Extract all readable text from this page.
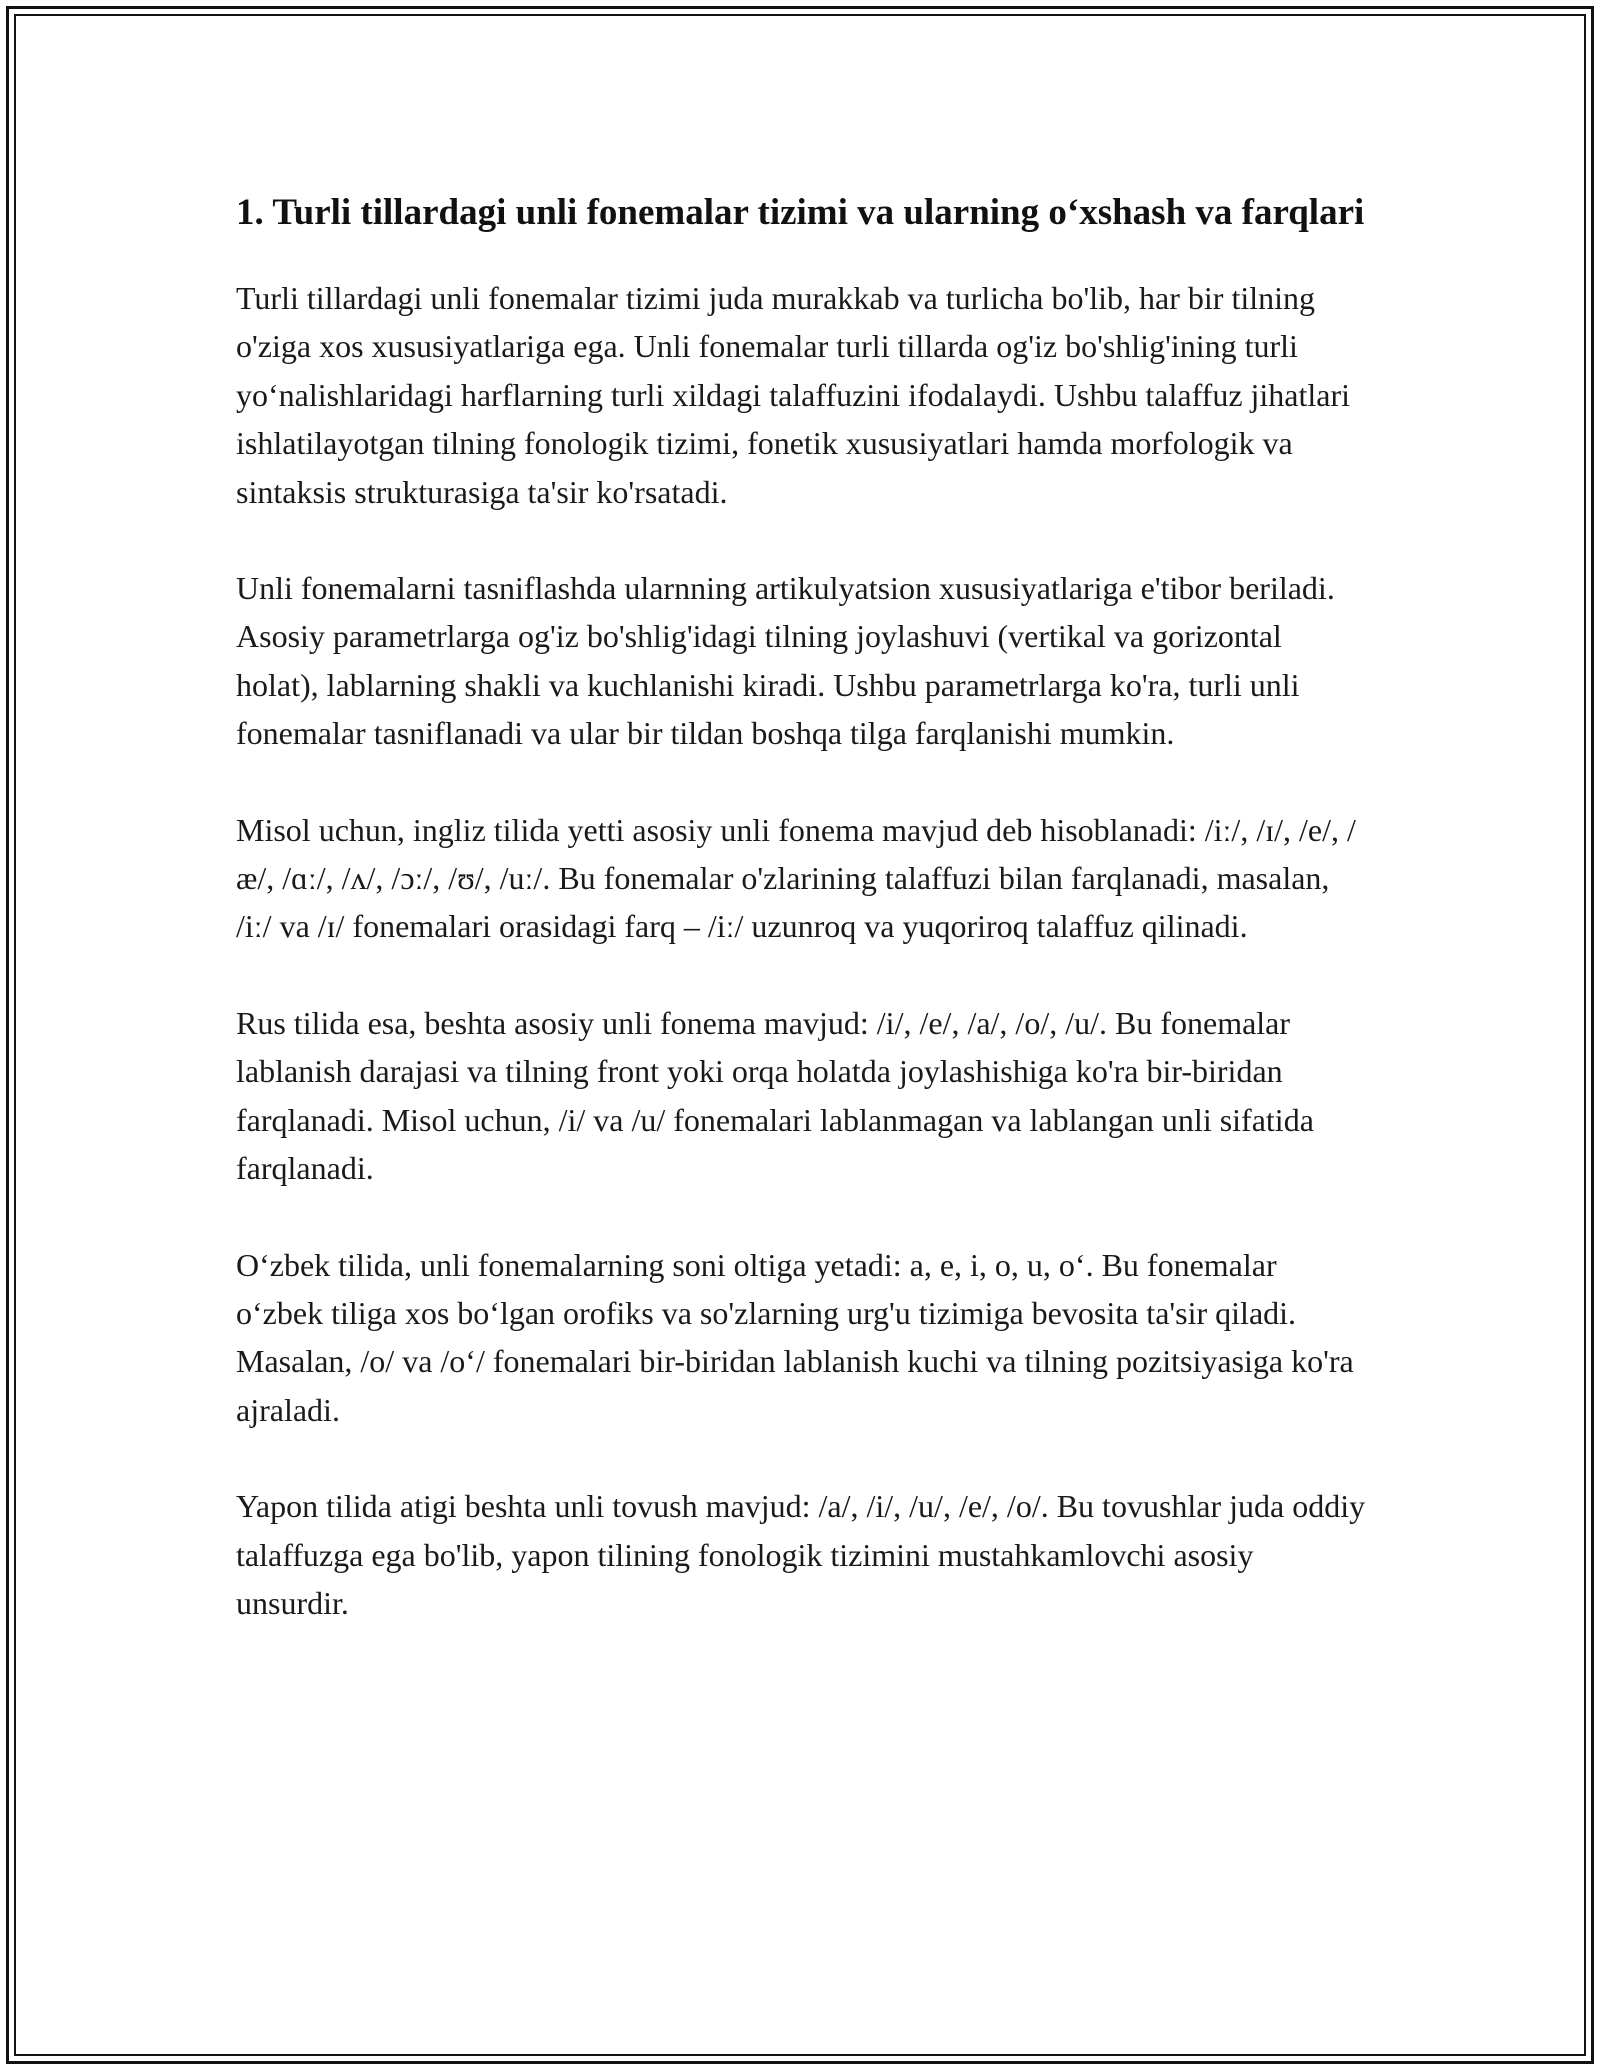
1. Turli tillardagi unli fonemalar tizimi va ularning o‘xshash va farqlari

Turli tillardagi unli fonemalar tizimi juda murakkab va turlicha bo'lib, har bir tilning o'ziga xos xususiyatlariga ega. Unli fonemalar turli tillarda og'iz bo'shlig'ining turli yo‘nalishlaridagi harflarning turli xildagi talaffuzini ifodalaydi. Ushbu talaffuz jihatlari ishlatilayotgan tilning fonologik tizimi, fonetik xususiyatlari hamda morfologik va sintaksis strukturasiga ta'sir ko'rsatadi.

Unli fonemalarni tasniflashda ularnning artikulyatsion xususiyatlariga e'tibor beriladi. Asosiy parametrlarga og'iz bo'shlig'idagi tilning joylashuvi (vertikal va gorizontal holat), lablarning shakli va kuchlanishi kiradi. Ushbu parametrlarga ko'ra, turli unli fonemalar tasniflanadi va ular bir tildan boshqa tilga farqlanishi mumkin.

Misol uchun, ingliz tilida yetti asosiy unli fonema mavjud deb hisoblanadi: /iː/, /ɪ/, /e/, /æ/, /ɑː/, /ʌ/, /ɔː/, /ʊ/, /uː/. Bu fonemalar o'zlarining talaffuzi bilan farqlanadi, masalan, /iː/ va /ɪ/ fonemalari orasidagi farq – /iː/ uzunroq va yuqoriroq talaffuz qilinadi.

Rus tilida esa, beshta asosiy unli fonema mavjud: /i/, /e/, /a/, /o/, /u/. Bu fonemalar lablanish darajasi va tilning front yoki orqa holatda joylashishiga ko'ra bir-biridan farqlanadi. Misol uchun, /i/ va /u/ fonemalari lablanmagan va lablangan unli sifatida farqlanadi.

O‘zbek tilida, unli fonemalarning soni oltiga yetadi: a, e, i, o, u, o‘. Bu fonemalar o‘zbek tiliga xos bo‘lgan orofiks va so'zlarning urg'u tizimiga bevosita ta'sir qiladi. Masalan, /o/ va /o‘/ fonemalari bir-biridan lablanish kuchi va tilning pozitsiyasiga ko'ra ajraladi.

Yapon tilida atigi beshta unli tovush mavjud: /a/, /i/, /u/, /e/, /o/. Bu tovushlar juda oddiy talaffuzga ega bo'lib, yapon tilining fonologik tizimini mustahkamlovchi asosiy unsurdir.
